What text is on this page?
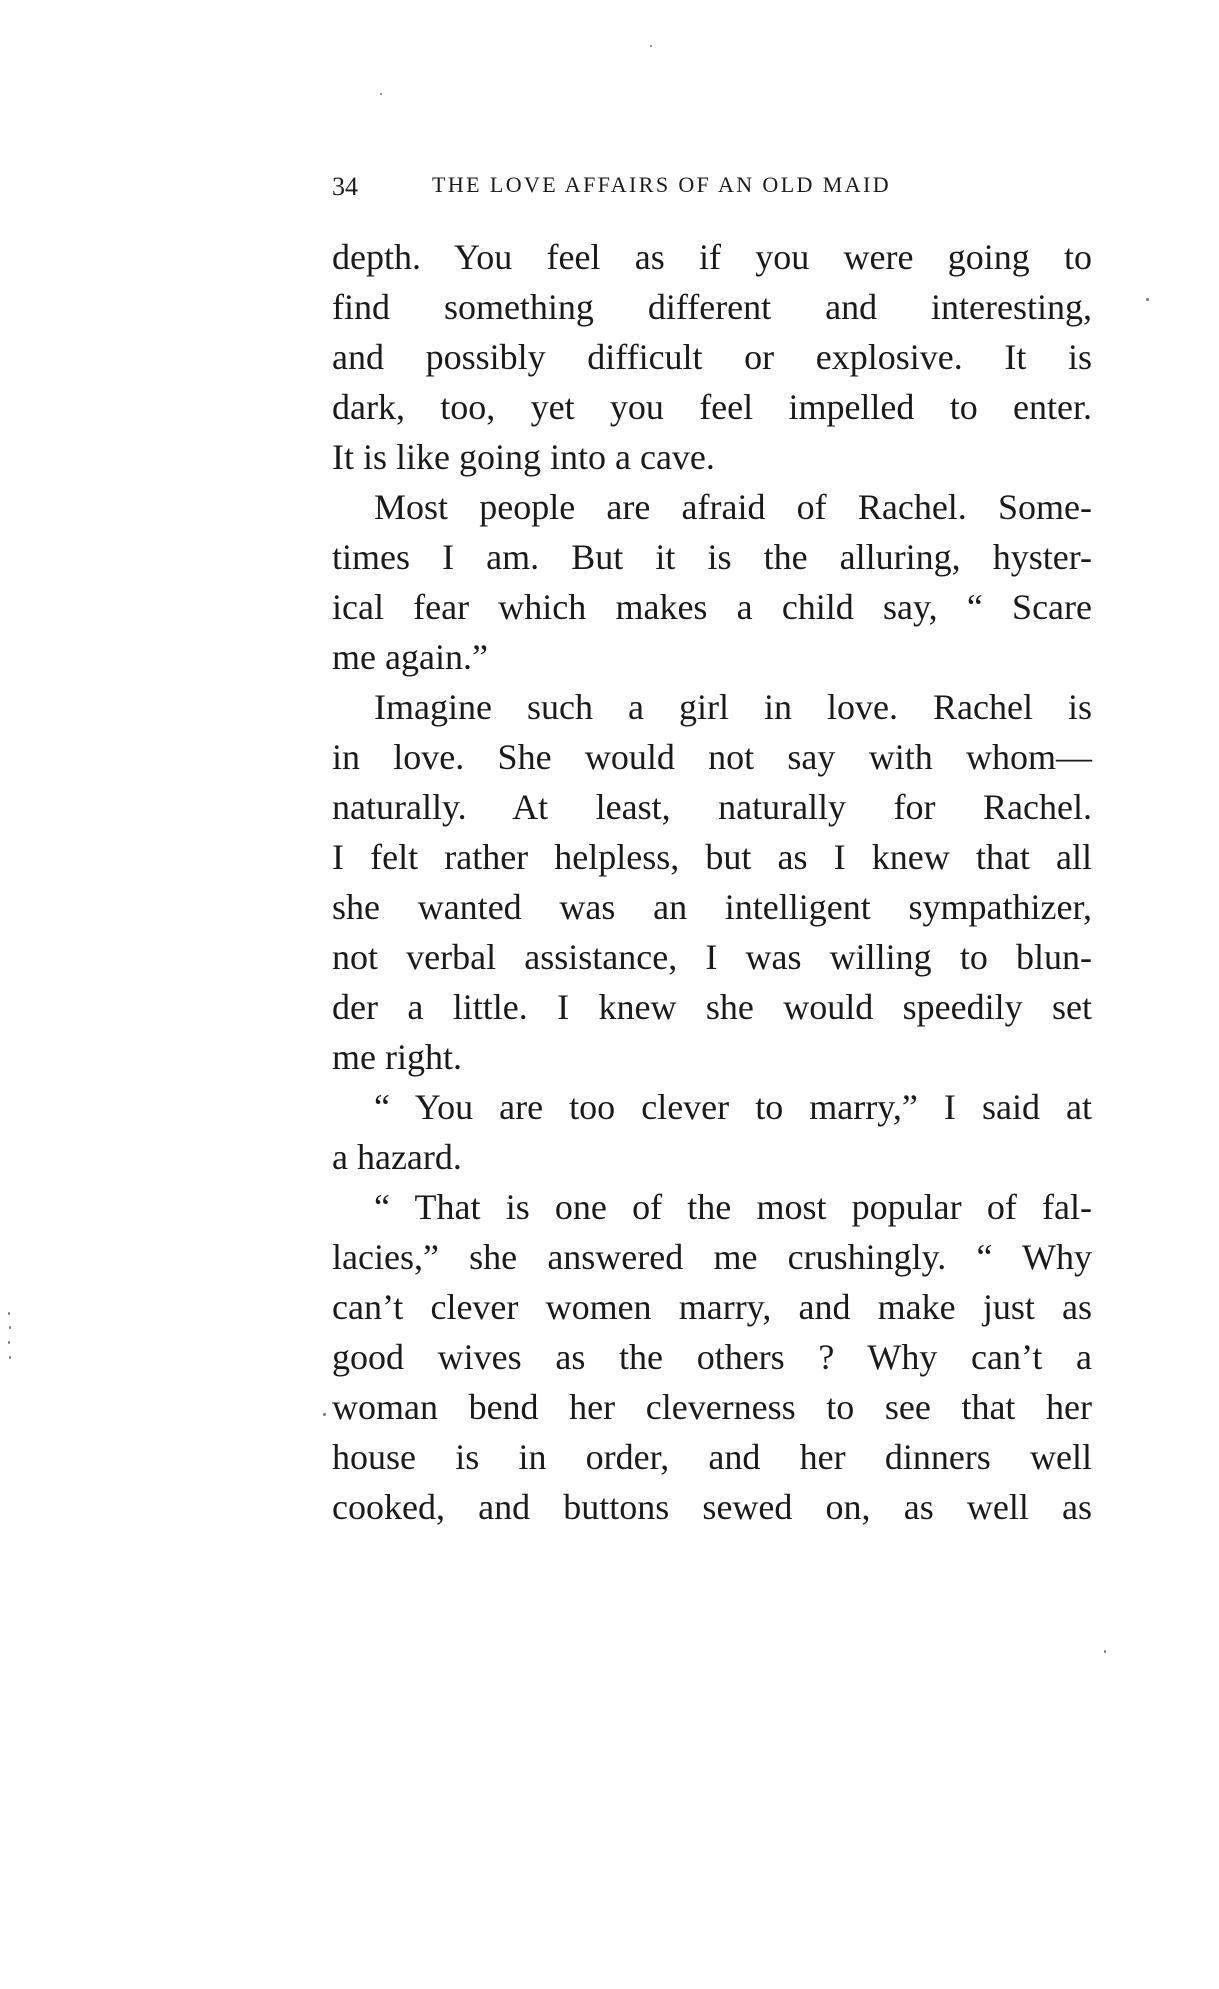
34	THE LOVE AFFAIRS OF AN OLD MAID
depth. You feel as if you were going to
find something different and interesting,
and possibly difficult or explosive. It is
dark, too, yet you feel impelled to enter.
It is like going into a cave.
Most people are afraid of Rachel. Some-
times I am. But it is the alluring, hyster-
ical fear which makes a child say, “ Scare
me again.”
Imagine such a girl in love. Rachel is
in love. She would not say with whom—
naturally. At least, naturally for Rachel.
I felt rather helpless, but as I knew that all
she wanted was an intelligent sympathizer,
not verbal assistance, I was willing to blun-
der a little. I knew she would speedily set
me right.
“ You are too clever to marry,” I said at
a hazard.
“ That is one of the most popular of fal-
lacies,” she answered me crushingly. “ Why
can’t clever women marry, and make just as
good wives as the others ? Why can’t a
woman bend her cleverness to see that her
house is in order, and her dinners well
cooked, and buttons sewed on, as well as
